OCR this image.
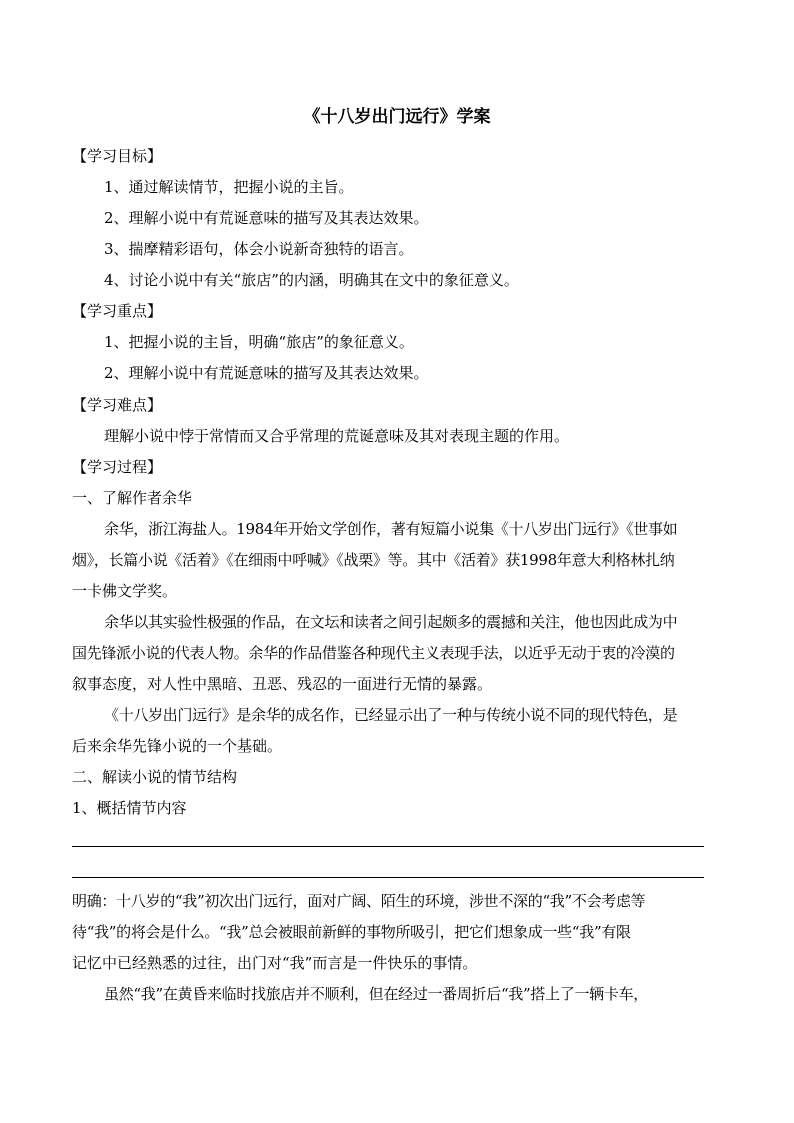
《十八岁出门远行》学案
【学习目标】
1、通过解读情节，把握小说的主旨。
2、理解小说中有荒诞意味的描写及其表达效果。
3、揣摩精彩语句，体会小说新奇独特的语言。
4、讨论小说中有关“旅店”的内涵，明确其在文中的象征意义。
【学习重点】
1、把握小说的主旨，明确“旅店”的象征意义。
2、理解小说中有荒诞意味的描写及其表达效果。
【学习难点】
理解小说中悖于常情而又合乎常理的荒诞意味及其对表现主题的作用。
【学习过程】
一、了解作者余华
余华，浙江海盐人。1984年开始文学创作，著有短篇小说集《十八岁出门远行》《世事如
烟》，长篇小说《活着》《在细雨中呼喊》《战栗》等。其中《活着》获1998年意大利格林扎纳
一卡佛文学奖。
余华以其实验性极强的作品，在文坛和读者之间引起颇多的震撼和关注，他也因此成为中
国先锋派小说的代表人物。余华的作品借鉴各种现代主义表现手法，以近乎无动于衷的冷漠的
叙事态度，对人性中黑暗、丑恶、残忍的一面进行无情的暴露。
《十八岁出门远行》是余华的成名作，已经显示出了一种与传统小说不同的现代特色，是
后来余华先锋小说的一个基础。
二、解读小说的情节结构
1、概括情节内容
明确：十八岁的“我”初次出门远行，面对广阔、陌生的环境，涉世不深的“我”不会考虑等
待“我”的将会是什么。“我”总会被眼前新鲜的事物所吸引，把它们想象成一些“我”有限
记忆中已经熟悉的过往，出门对“我”而言是一件快乐的事情。
虽然“我”在黄昏来临时找旅店并不顺利，但在经过一番周折后“我”搭上了一辆卡车，
